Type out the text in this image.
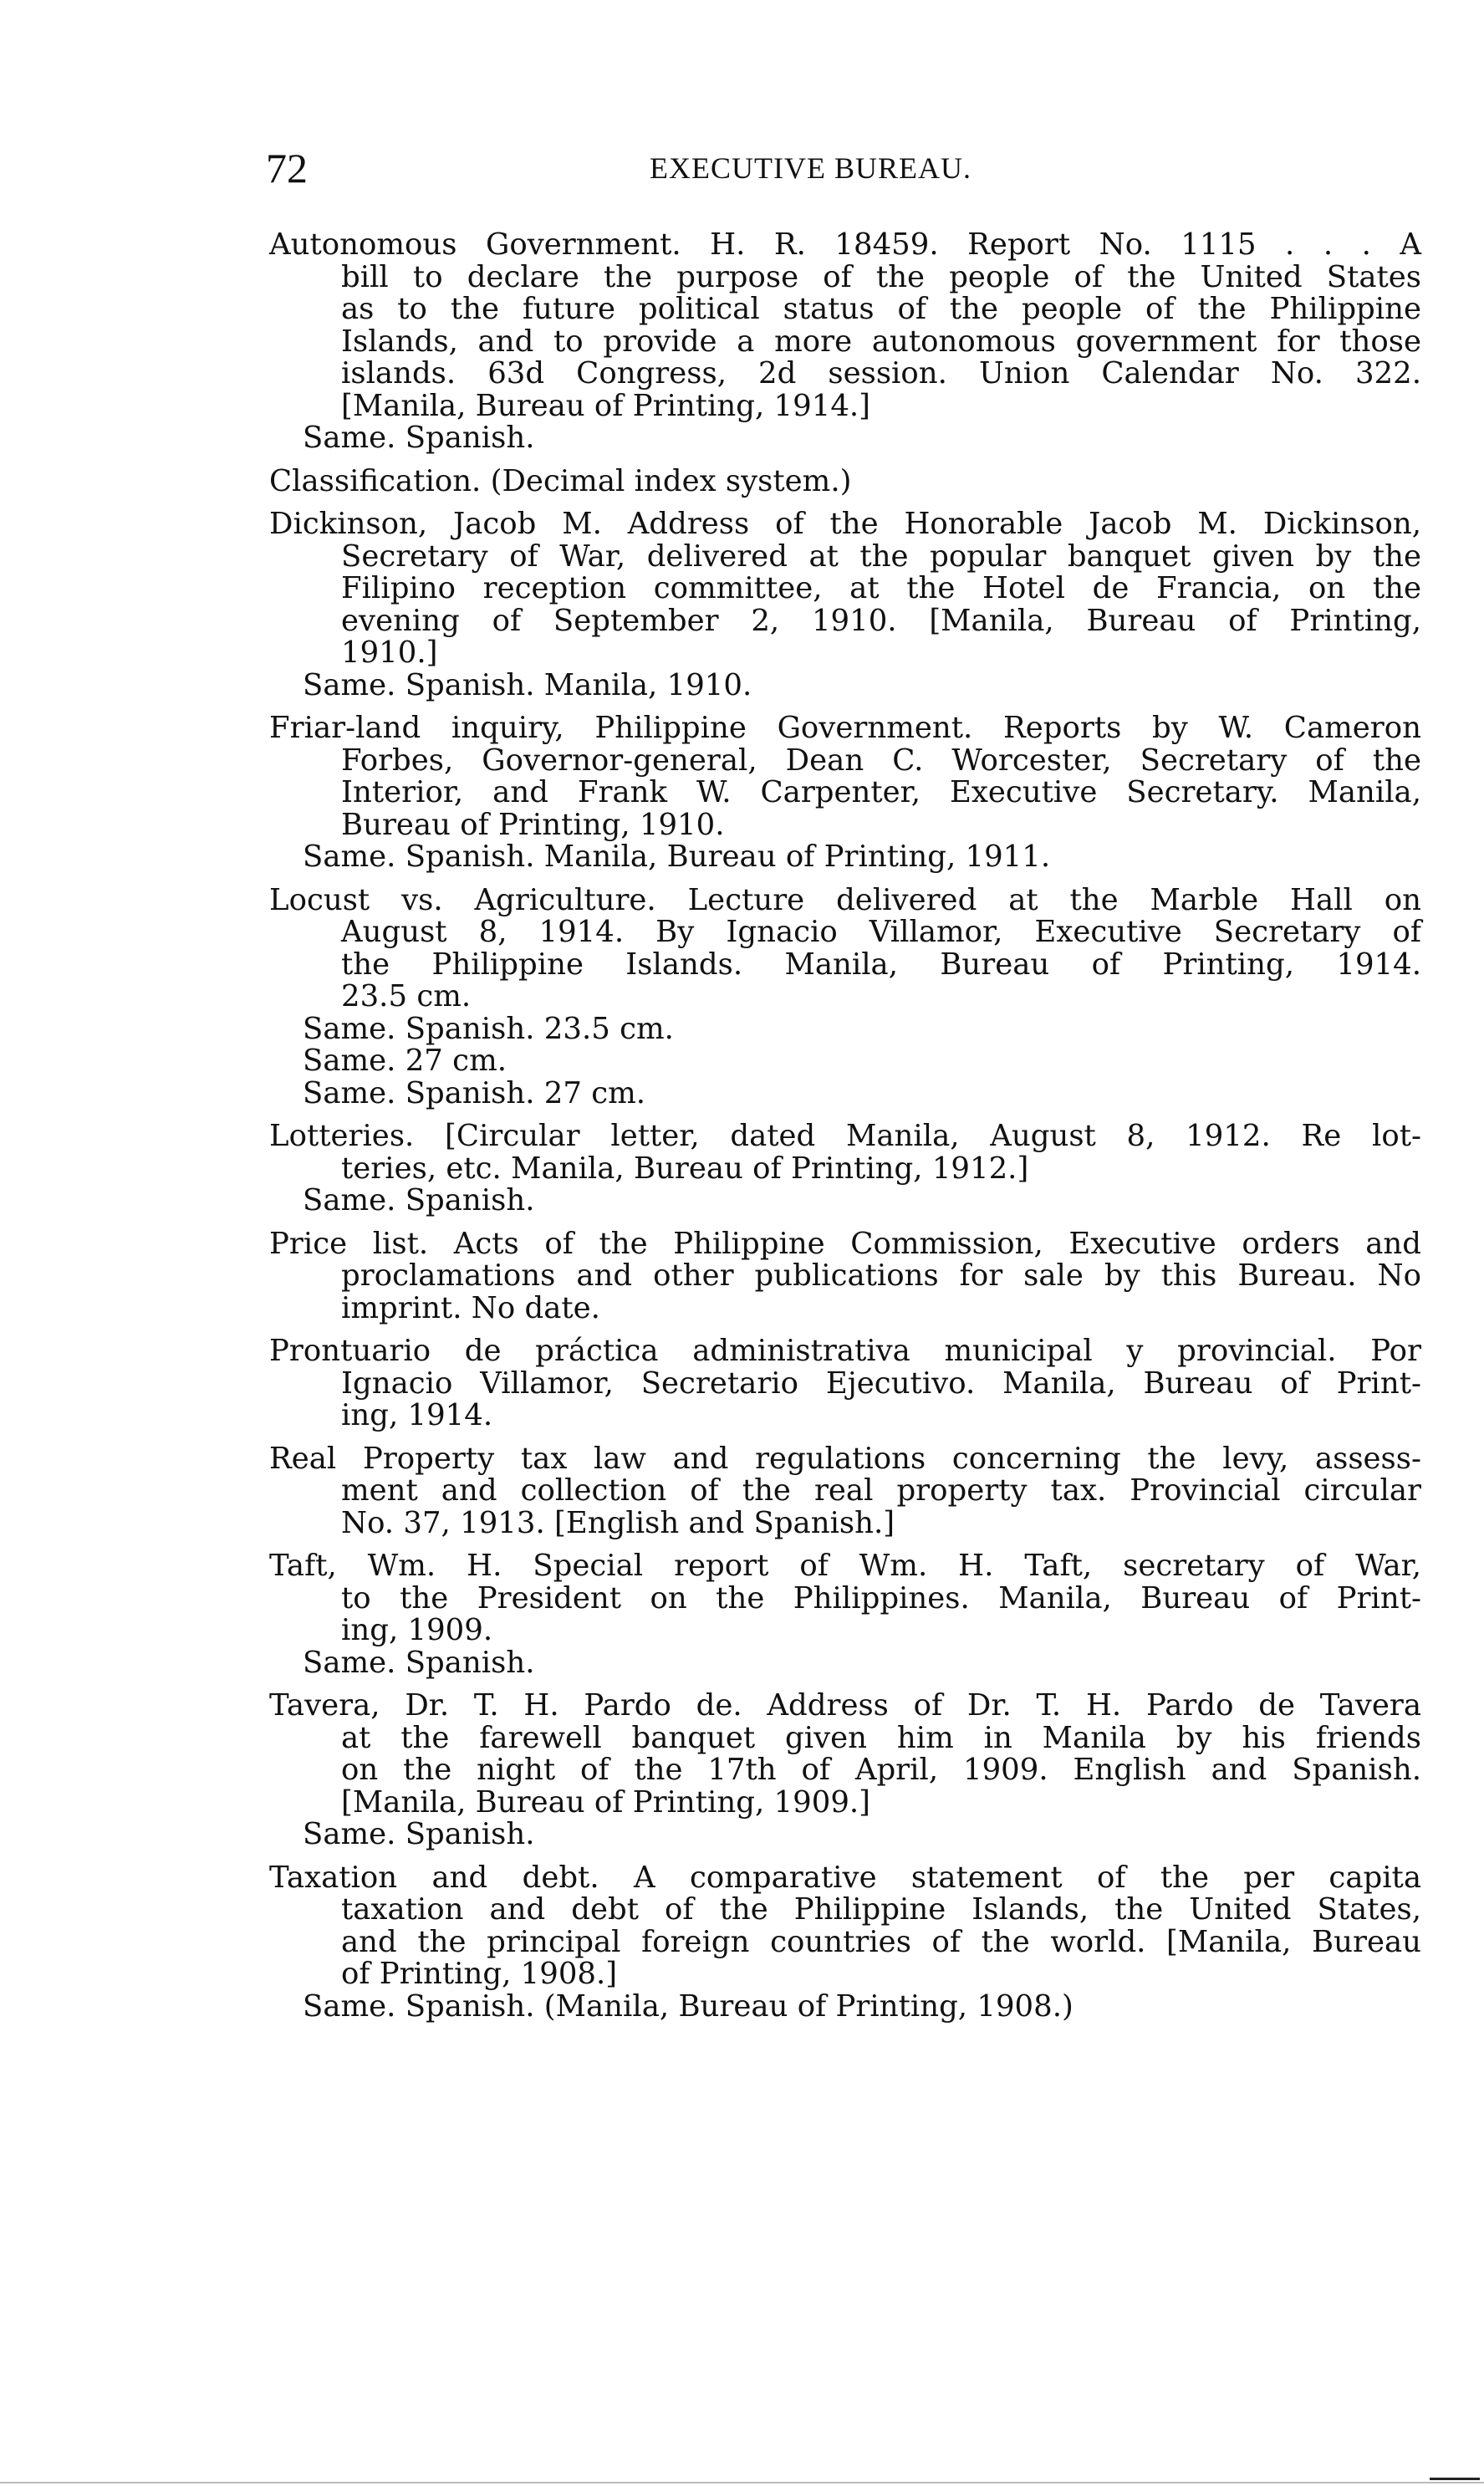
72	EXECUTIVE BUREAU.
Autonomous Government. H. R. 18459. Report No. 1115 . . . A
bill to declare the purpose of the people of the United States
as to the future political status of the people of the Philippine
Islands, and to provide a more autonomous government for those
islands. 63d Congress, 2d session. Union Calendar No. 322.
[Manila, Bureau of Printing, 1914.]
Same. Spanish.
Classification. (Decimal index system.)
Dickinson, Jacob M. Address of the Honorable Jacob M. Dickinson,
Secretary of War, delivered at the popular banquet given by the
Filipino reception committee, at the Hotel de Francia, on the
evening of September 2, 1910. [Manila, Bureau of Printing,
1910.]
Same. Spanish. Manila, 1910.
Friar-land inquiry, Philippine Government. Reports by W. Cameron
Forbes, Governor-general, Dean C. Worcester, Secretary of the
Interior, and Frank W. Carpenter, Executive Secretary. Manila,
Bureau of Printing, 1910.
Same. Spanish. Manila, Bureau of Printing, 1911.
Locust vs. Agriculture. Lecture delivered at the Marble Hall on
August 8, 1914. By Ignacio Villamor, Executive Secretary of
the Philippine Islands. Manila, Bureau of Printing, 1914.
23.5 cm.
Same. Spanish. 23.5 cm.
Same. 27 cm.
Same. Spanish. 27 cm.
Lotteries. [Circular letter, dated Manila, August 8, 1912. Re lot-
teries, etc. Manila, Bureau of Printing, 1912.]
Same. Spanish.
Price list. Acts of the Philippine Commission, Executive orders and
proclamations and other publications for sale by this Bureau. No
imprint. No date.
Prontuario de práctica administrativa municipal y provincial. Por
Ignacio Villamor, Secretario Ejecutivo. Manila, Bureau of Print-
ing, 1914.
Real Property tax law and regulations concerning the levy, assess-
ment and collection of the real property tax. Provincial circular
No. 37, 1913. [English and Spanish.]
Taft, Wm. H. Special report of Wm. H. Taft, secretary of War,
to the President on the Philippines. Manila, Bureau of Print-
ing, 1909.
Same. Spanish.
Tavera, Dr. T. H. Pardo de. Address of Dr. T. H. Pardo de Tavera
at the farewell banquet given him in Manila by his friends
on the night of the 17th of April, 1909. English and Spanish.
[Manila, Bureau of Printing, 1909.]
Same. Spanish.
Taxation and debt. A comparative statement of the per capita
taxation and debt of the Philippine Islands, the United States,
and the principal foreign countries of the world. [Manila, Bureau
of Printing, 1908.]
Same. Spanish. (Manila, Bureau of Printing, 1908.)
